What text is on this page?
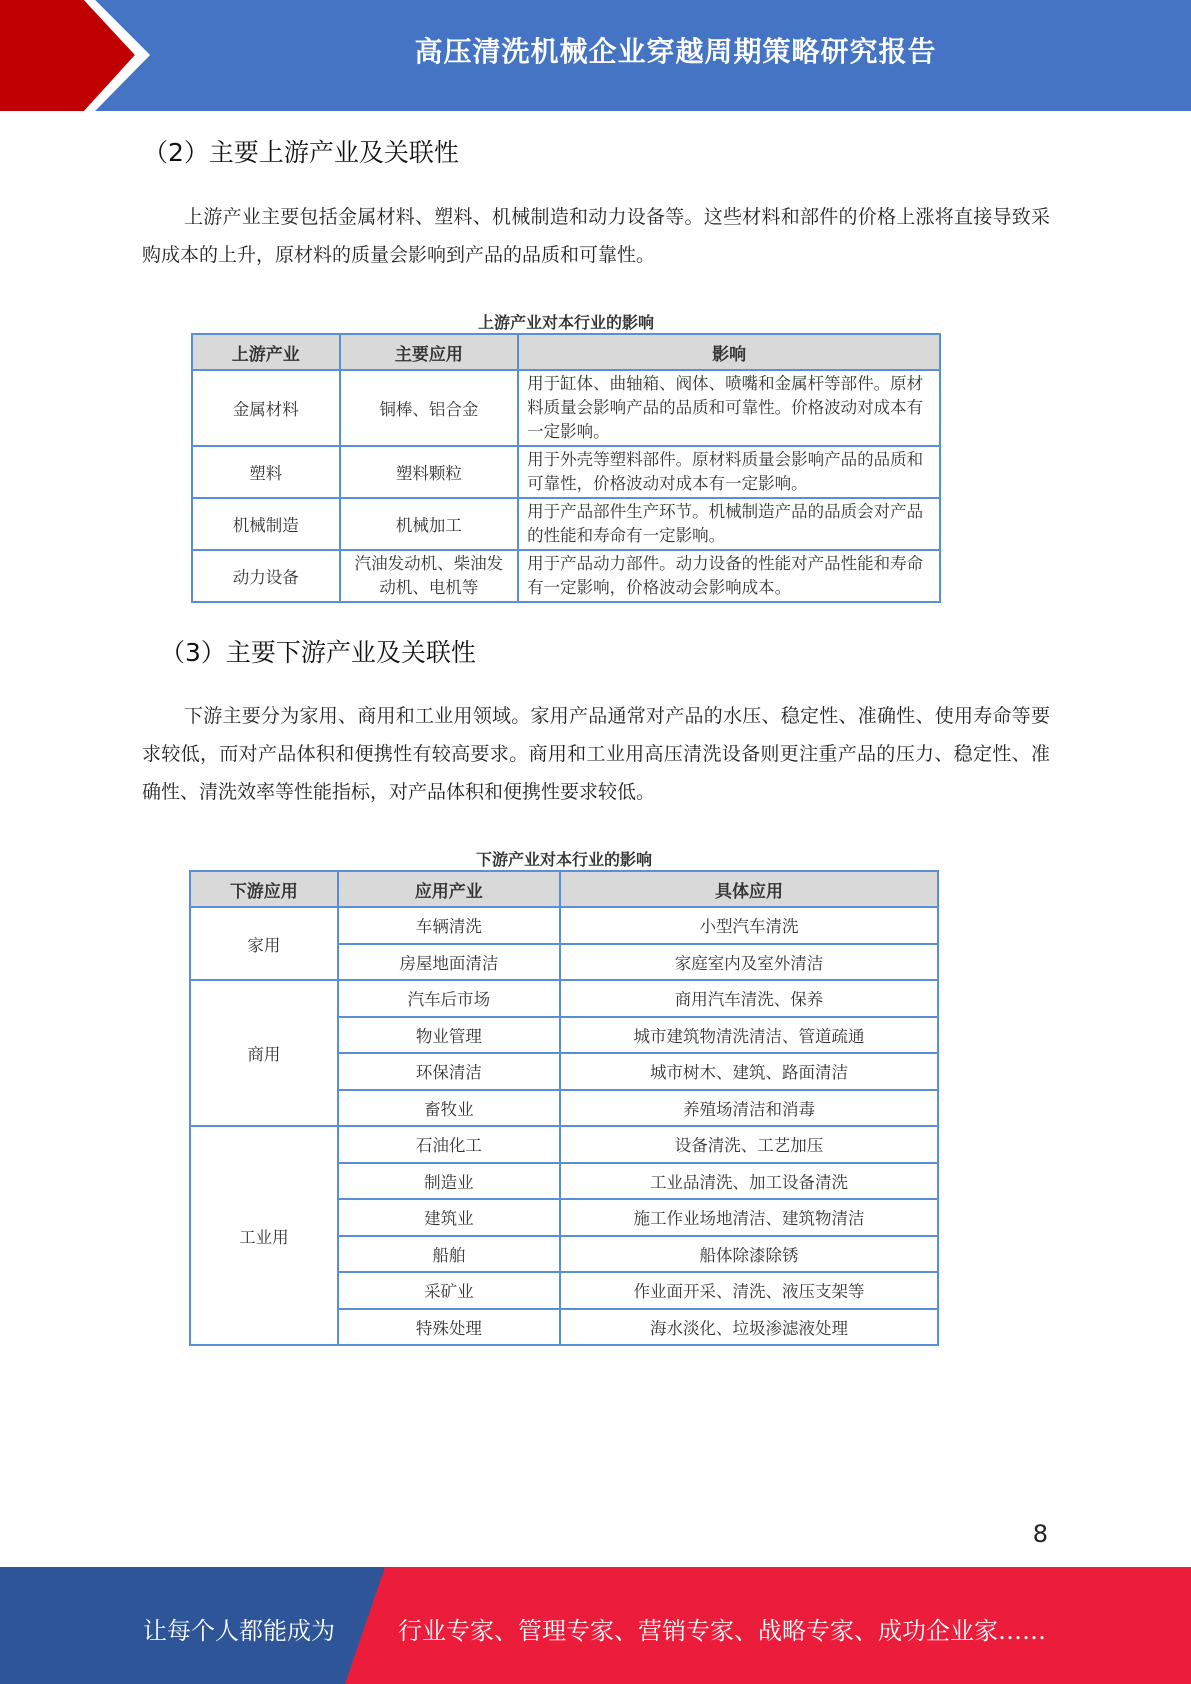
高压清洗机械企业穿越周期策略研究报告
（2）主要上游产业及关联性
上游产业主要包括金属材料、塑料、机械制造和动力设备等。这些材料和部件的价格上涨将直接导致采购成本的上升，原材料的质量会影响到产品的品质和可靠性。
上游产业对本行业的影响
上游产业	主要应用	影响
金属材料	铜棒、铝合金	用于缸体、曲轴箱、阀体、喷嘴和金属杆等部件。原材料质量会影响产品的品质和可靠性。价格波动对成本有一定影响。
塑料	塑料颗粒	用于外壳等塑料部件。原材料质量会影响产品的品质和可靠性，价格波动对成本有一定影响。
机械制造	机械加工	用于产品部件生产环节。机械制造产品的品质会对产品的性能和寿命有一定影响。
动力设备	汽油发动机、柴油发动机、电机等	用于产品动力部件。动力设备的性能对产品性能和寿命有一定影响，价格波动会影响成本。
（3）主要下游产业及关联性
下游主要分为家用、商用和工业用领域。家用产品通常对产品的水压、稳定性、准确性、使用寿命等要求较低，而对产品体积和便携性有较高要求。商用和工业用高压清洗设备则更注重产品的压力、稳定性、准确性、清洗效率等性能指标，对产品体积和便携性要求较低。
下游产业对本行业的影响
下游应用	应用产业	具体应用
家用	车辆清洗	小型汽车清洗
	房屋地面清洁	家庭室内及室外清洁
商用	汽车后市场	商用汽车清洗、保养
	物业管理	城市建筑物清洗清洁、管道疏通
	环保清洁	城市树木、建筑、路面清洁
	畜牧业	养殖场清洁和消毒
工业用	石油化工	设备清洗、工艺加压
	制造业	工业品清洗、加工设备清洗
	建筑业	施工作业场地清洁、建筑物清洁
	船舶	船体除漆除锈
	采矿业	作业面开采、清洗、液压支架等
	特殊处理	海水淡化、垃圾渗滤液处理
8
让每个人都能成为	行业专家、管理专家、营销专家、战略专家、成功企业家……
